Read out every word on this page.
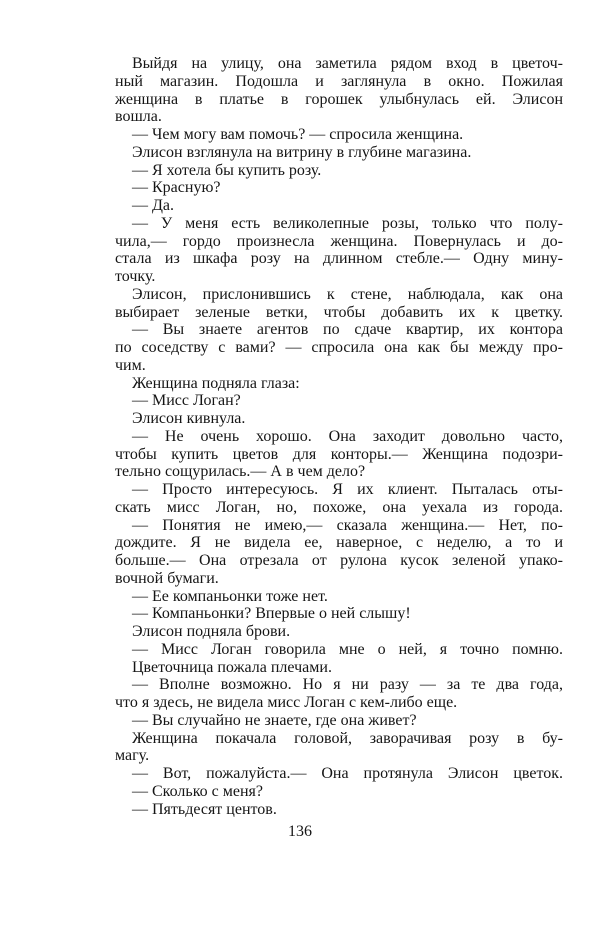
Выйдя на улицу, она заметила рядом вход в цветоч-
ный магазин. Подошла и заглянула в окно. Пожилая
женщина в платье в горошек улыбнулась ей. Элисон
вошла.
— Чем могу вам помочь? — спросила женщина.
Элисон взглянула на витрину в глубине магазина.
— Я хотела бы купить розу.
— Красную?
— Да.
— У меня есть великолепные розы, только что полу-
чила,— гордо произнесла женщина. Повернулась и до-
стала из шкафа розу на длинном стебле.— Одну мину-
точку.
Элисон, прислонившись к стене, наблюдала, как она
выбирает зеленые ветки, чтобы добавить их к цветку.
— Вы знаете агентов по сдаче квартир, их контора
по соседству с вами? — спросила она как бы между про-
чим.
Женщина подняла глаза:
— Мисс Логан?
Элисон кивнула.
— Не очень хорошо. Она заходит довольно часто,
чтобы купить цветов для конторы.— Женщина подозри-
тельно сощурилась.— А в чем дело?
— Просто интересуюсь. Я их клиент. Пыталась оты-
скать мисс Логан, но, похоже, она уехала из города.
— Понятия не имею,— сказала женщина.— Нет, по-
дождите. Я не видела ее, наверное, с неделю, а то и
больше.— Она отрезала от рулона кусок зеленой упако-
вочной бумаги.
— Ее компаньонки тоже нет.
— Компаньонки? Впервые о ней слышу!
Элисон подняла брови.
— Мисс Логан говорила мне о ней, я точно помню.
Цветочница пожала плечами.
— Вполне возможно. Но я ни разу — за те два года,
что я здесь, не видела мисс Логан с кем-либо еще.
— Вы случайно не знаете, где она живет?
Женщина покачала головой, заворачивая розу в бу-
магу.
— Вот, пожалуйста.— Она протянула Элисон цветок.
— Сколько с меня?
— Пятьдесят центов.
136
